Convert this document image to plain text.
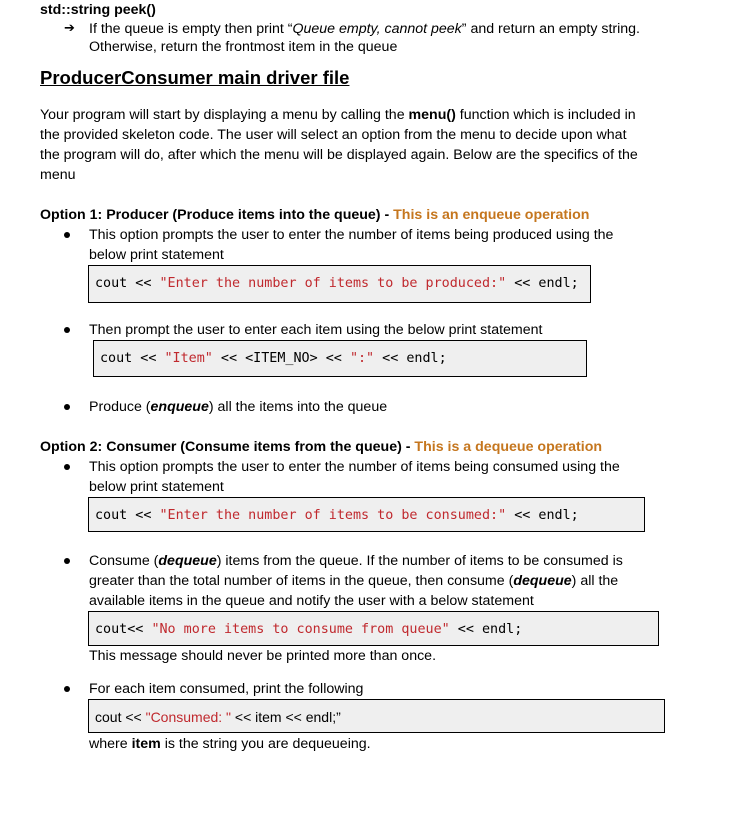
std::string peek()
➔ If the queue is empty then print “Queue empty, cannot peek” and return an empty string.
Otherwise, return the frontmost item in the queue
ProducerConsumer main driver file
Your program will start by displaying a menu by calling the menu() function which is included in
the provided skeleton code. The user will select an option from the menu to decide upon what
the program will do, after which the menu will be displayed again. Below are the specifics of the
menu
Option 1: Producer (Produce items into the queue) - This is an enqueue operation
This option prompts the user to enter the number of items being produced using the
below print statement
cout << "Enter the number of items to be produced:" << endl;
Then prompt the user to enter each item using the below print statement
cout << "Item" << <ITEM_NO> << ":" << endl;
Produce (enqueue) all the items into the queue
Option 2: Consumer (Consume items from the queue) - This is a dequeue operation
This option prompts the user to enter the number of items being consumed using the
below print statement
cout << "Enter the number of items to be consumed:" << endl;
Consume (dequeue) items from the queue. If the number of items to be consumed is
greater than the total number of items in the queue, then consume (dequeue) all the
available items in the queue and notify the user with a below statement
cout<< "No more items to consume from queue" << endl;
This message should never be printed more than once.
For each item consumed, print the following
cout << "Consumed: " << item << endl;”
where item is the string you are dequeueing.
